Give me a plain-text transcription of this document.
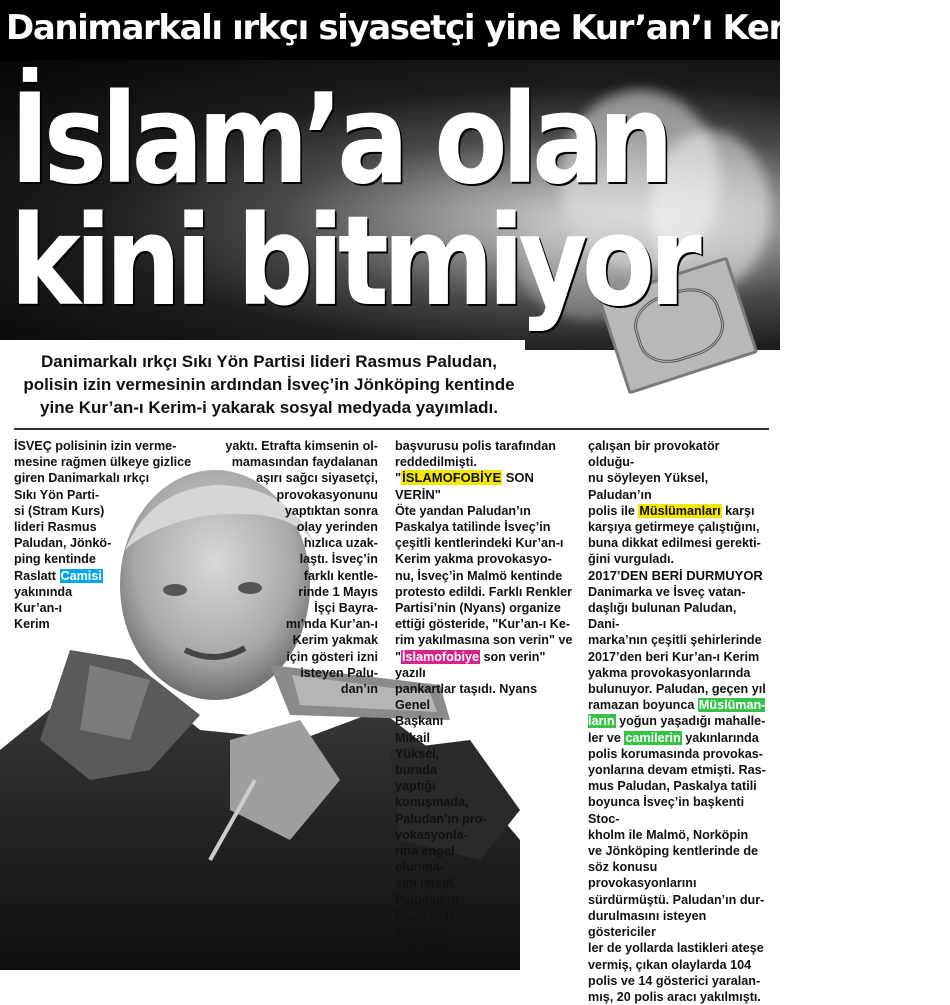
Danimarkalı ırkçı siyasetçi yine Kur’an’ı Kerim-i yaktı
İslam’a olan
kini bitmiyor
Danimarkalı ırkçı Sıkı Yön Partisi lideri Rasmus Paludan, polisin izin vermesinin ardından İsveç’in Jönköping kentinde yine Kur’an-ı Kerim-i yakarak sosyal medyada yayımladı.
İSVEÇ polisinin izin verme-
mesine rağmen ülkeye gizlice
giren Danimarkalı ırkçı
Sıkı Yön Parti-
si (Stram Kurs)
lideri Rasmus
Paludan, Jönkö-
ping kentinde
Raslatt Camisi
yakınında
Kur’an-ı
Kerim
yaktı. Etrafta kimsenin ol-
mamasından faydalanan
aşırı sağcı siyasetçi,
provokasyonunu
yaptıktan sonra
olay yerinden
hızlıca uzak-
laştı. İsveç’in
farklı kentle-
rinde 1 Mayıs
İşçi Bayra-
mı’nda Kur’an-ı
Kerim yakmak
için gösteri izni
isteyen Palu-
dan’ın
başvurusu polis tarafından
reddedilmişti.
"İSLAMOFOBİYE SON VERİN"
Öte yandan Paludan’ın
Paskalya tatilinde İsveç’in
çeşitli kentlerindeki Kur’an-ı
Kerim yakma provokasyo-
nu, İsveç’in Malmö kentinde
protesto edildi. Farklı Renkler
Partisi’nin (Nyans) organize
ettiği gösteride, "Kur’an-ı Ke-
rim yakılmasına son verin" ve
"İslamofobiye son verin" yazılı
pankartlar taşıdı. Nyans Genel
Başkanı
Mikail
Yüksel,
burada
yaptığı
konuşmada,
Paludan’ın pro-
vokasyonla-
rına engel
olunma-
sını istedi.
Paludan’ın
İsveç’te iç
karışıklık
çıkartmaya
çalışan bir provokatör olduğu-
nu söyleyen Yüksel, Paludan’ın
polis ile Müslümanları karşı
karşıya getirmeye çalıştığını,
buna dikkat edilmesi gerekti-
ğini vurguladı.
2017’DEN BERİ DURMUYOR
Danimarka ve İsveç vatan-
daşlığı bulunan Paludan, Dani-
marka’nın çeşitli şehirlerinde
2017’den beri Kur’an-ı Kerim
yakma provokasyonlarında
bulunuyor. Paludan, geçen yıl
ramazan boyunca Müslüman-
ların yoğun yaşadığı mahalle-
ler ve camilerin yakınlarında
polis korumasında provokas-
yonlarına devam etmişti. Ras-
mus Paludan, Paskalya tatili
boyunca İsveç’in başkenti Stoc-
kholm ile Malmö, Norköpin
ve Jönköping kentlerinde de
söz konusu provokasyonlarını
sürdürmüştü. Paludan’ın dur-
durulmasını isteyen göstericiler
ler de yollarda lastikleri ateşe
vermiş, çıkan olaylarda 104
polis ve 14 gösterici yaralan-
mış, 20 polis aracı yakılmıştı.
